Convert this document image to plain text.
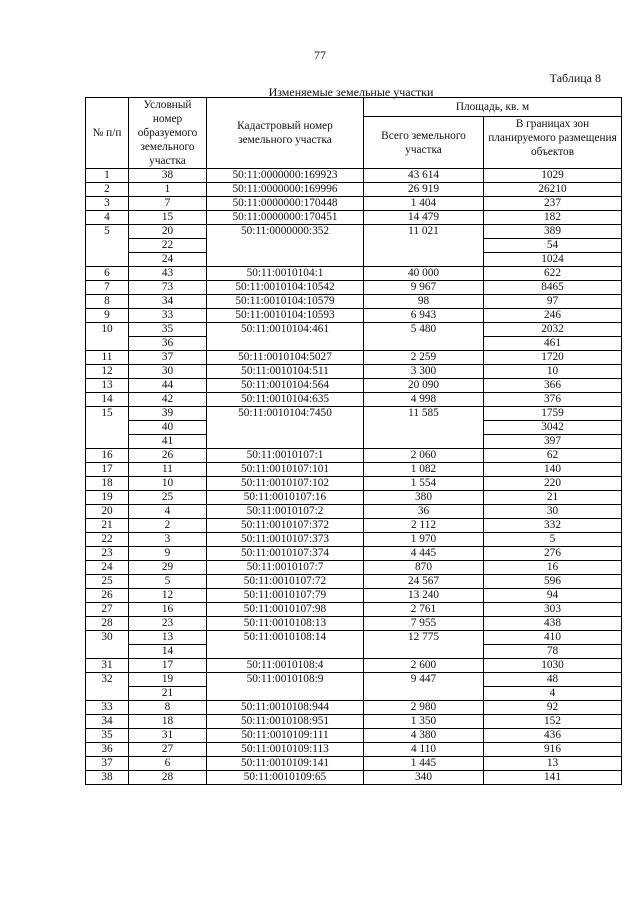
77
Таблица 8
Изменяемые земельные участки
№ п/п	Условный номер образуемого земельного участка	Кадастровый номер земельного участка	Площадь, кв. м	
			Всего земельного участка	В границах зон планируемого размещения объектов
1	38	50:11:0000000:169923	43 614	1029
2	1	50:11:0000000:169996	26 919	26210
3	7	50:11:0000000:170448	1 404	237
4	15	50:11:0000000:170451	14 479	182
5	20	50:11:0000000:352	11 021	389
	22			54
	24			1024
6	43	50:11:0010104:1	40 000	622
7	73	50:11:0010104:10542	9 967	8465
8	34	50:11:0010104:10579	98	97
9	33	50:11:0010104:10593	6 943	246
10	35	50:11:0010104:461	5 480	2032
	36			461
11	37	50:11:0010104:5027	2 259	1720
12	30	50:11:0010104:511	3 300	10
13	44	50:11:0010104:564	20 090	366
14	42	50:11:0010104:635	4 998	376
15	39	50:11:0010104:7450	11 585	1759
	40			3042
	41			397
16	26	50:11:0010107:1	2 060	62
17	11	50:11:0010107:101	1 082	140
18	10	50:11:0010107:102	1 554	220
19	25	50:11:0010107:16	380	21
20	4	50:11:0010107:2	36	30
21	2	50:11:0010107:372	2 112	332
22	3	50:11:0010107:373	1 970	5
23	9	50:11:0010107:374	4 445	276
24	29	50:11:0010107:7	870	16
25	5	50:11:0010107:72	24 567	596
26	12	50:11:0010107:79	13 240	94
27	16	50:11:0010107:98	2 761	303
28	23	50:11:0010108:13	7 955	438
30	13	50:11:0010108:14	12 775	410
	14			78
31	17	50:11:0010108:4	2 600	1030
32	19	50:11:0010108:9	9 447	48
	21			4
33	8	50:11:0010108:944	2 980	92
34	18	50:11:0010108:951	1 350	152
35	31	50:11:0010109:111	4 380	436
36	27	50:11:0010109:113	4 110	916
37	6	50:11:0010109:141	1 445	13
38	28	50:11:0010109:65	340	141
